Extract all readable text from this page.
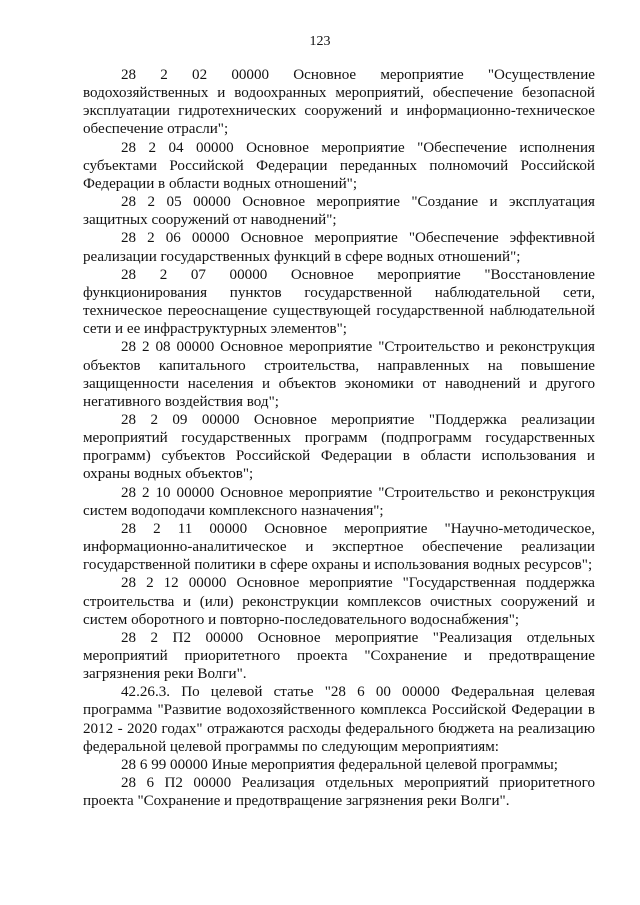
123

28 2 02 00000 Основное мероприятие "Осуществление водохозяйственных и водоохранных мероприятий, обеспечение безопасной эксплуатации гидротехнических сооружений и информационно-техническое обеспечение отрасли";

28 2 04 00000 Основное мероприятие "Обеспечение исполнения субъектами Российской Федерации переданных полномочий Российской Федерации в области водных отношений";

28 2 05 00000 Основное мероприятие "Создание и эксплуатация защитных сооружений от наводнений";

28 2 06 00000 Основное мероприятие "Обеспечение эффективной реализации государственных функций в сфере водных отношений";

28 2 07 00000 Основное мероприятие "Восстановление функционирования пунктов государственной наблюдательной сети, техническое переоснащение существующей государственной наблюдательной сети и ее инфраструктурных элементов";

28 2 08 00000 Основное мероприятие "Строительство и реконструкция объектов капитального строительства, направленных на повышение защищенности населения и объектов экономики от наводнений и другого негативного воздействия вод";

28 2 09 00000 Основное мероприятие "Поддержка реализации мероприятий государственных программ (подпрограмм государственных программ) субъектов Российской Федерации в области использования и охраны водных объектов";

28 2 10 00000 Основное мероприятие "Строительство и реконструкция систем водоподачи комплексного назначения";

28 2 11 00000 Основное мероприятие "Научно-методическое, информационно-аналитическое и экспертное обеспечение реализации государственной политики в сфере охраны и использования водных ресурсов";

28 2 12 00000 Основное мероприятие "Государственная поддержка строительства и (или) реконструкции комплексов очистных сооружений и систем оборотного и повторно-последовательного водоснабжения";

28 2 П2 00000 Основное мероприятие "Реализация отдельных мероприятий приоритетного проекта "Сохранение и предотвращение загрязнения реки Волги".

42.26.3. По целевой статье "28 6 00 00000 Федеральная целевая программа "Развитие водохозяйственного комплекса Российской Федерации в 2012 - 2020 годах" отражаются расходы федерального бюджета на реализацию федеральной целевой программы по следующим мероприятиям:

28 6 99 00000 Иные мероприятия федеральной целевой программы;

28 6 П2 00000 Реализация отдельных мероприятий приоритетного проекта "Сохранение и предотвращение загрязнения реки Волги".
